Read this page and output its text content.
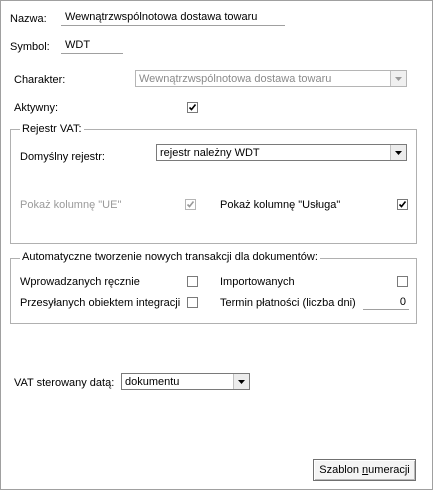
Nazwa:	Wewnątrzwspólnotowa dostawa towaru
Symbol:	WDT
Charakter:	Wewnątrzwspólnotowa dostawa towaru
Aktywny:
Rejestr VAT:
Domyślny rejestr:	rejestr należny WDT
Pokaż kolumnę "UE"	Pokaż kolumnę "Usługa"
Automatyczne tworzenie nowych transakcji dla dokumentów:
Wprowadzanych ręcznie	Importowanych
Przesyłanych obiektem integracji	Termin płatności (liczba dni)	0
VAT sterowany datą: dokumentu
Szablon numeracji
